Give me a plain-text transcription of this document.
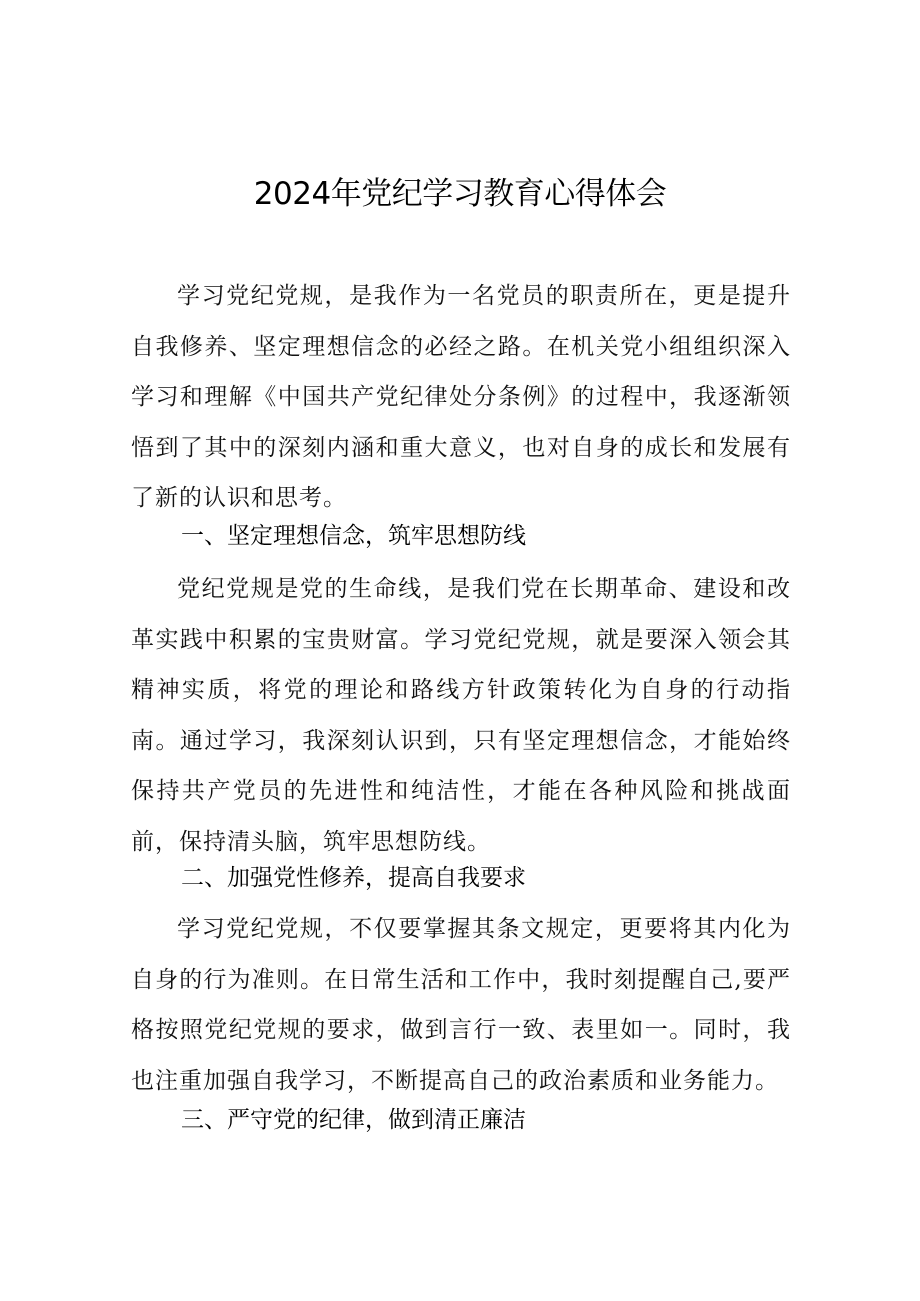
2024年党纪学习教育心得体会

学习党纪党规，是我作为一名党员的职责所在，更是提升自我修养、坚定理想信念的必经之路。在机关党小组组织深入学习和理解《中国共产党纪律处分条例》的过程中，我逐渐领悟到了其中的深刻内涵和重大意义，也对自身的成长和发展有了新的认识和思考。

一、坚定理想信念，筑牢思想防线

党纪党规是党的生命线，是我们党在长期革命、建设和改革实践中积累的宝贵财富。学习党纪党规，就是要深入领会其精神实质，将党的理论和路线方针政策转化为自身的行动指南。通过学习，我深刻认识到，只有坚定理想信念，才能始终保持共产党员的先进性和纯洁性，才能在各种风险和挑战面前，保持清头脑，筑牢思想防线。

二、加强党性修养，提高自我要求

学习党纪党规，不仅要掌握其条文规定，更要将其内化为自身的行为准则。在日常生活和工作中，我时刻提醒自己,要严格按照党纪党规的要求，做到言行一致、表里如一。同时，我也注重加强自我学习，不断提高自己的政治素质和业务能力。

三、严守党的纪律，做到清正廉洁
